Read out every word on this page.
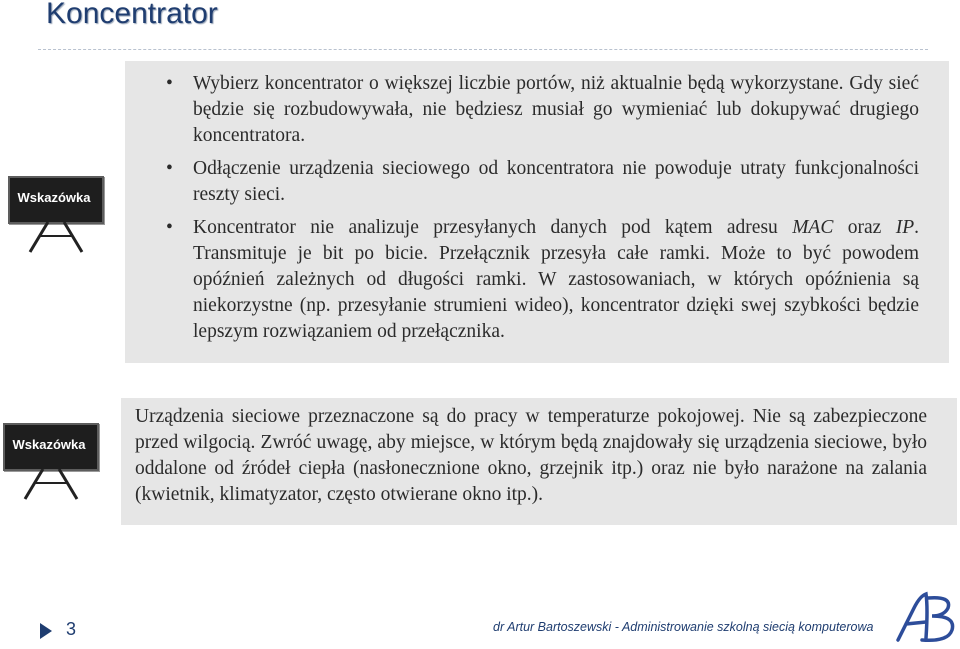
Koncentrator
Wskazówka
• Wybierz koncentrator o większej liczbie portów, niż aktualnie będą wykorzystane. Gdy sieć będzie się rozbudowywała, nie będziesz musiał go wymieniać lub dokupywać drugiego koncentratora.
• Odłączenie urządzenia sieciowego od koncentratora nie powoduje utraty funkcjonalności reszty sieci.
• Koncentrator nie analizuje przesyłanych danych pod kątem adresu MAC oraz IP. Transmituje je bit po bicie. Przełącznik przesyła całe ramki. Może to być powodem opóźnień zależnych od długości ramki. W zastosowaniach, w których opóźnienia są niekorzystne (np. przesyłanie strumieni wideo), koncentrator dzięki swej szybkości będzie lepszym rozwiązaniem od przełącznika.
Wskazówka

Urządzenia sieciowe przeznaczone są do pracy w temperaturze pokojowej. Nie są zabezpieczone przed wilgocią. Zwróć uwagę, aby miejsce, w którym będą znajdowały się urządzenia sieciowe, było oddalone od źródeł ciepła (nasłonecznione okno, grzejnik itp.) oraz nie było narażone na zalania (kwietnik, klimatyzator, często otwierane okno itp.).

3	dr Artur Bartoszewski - Administrowanie szkolną siecią komputerowa
